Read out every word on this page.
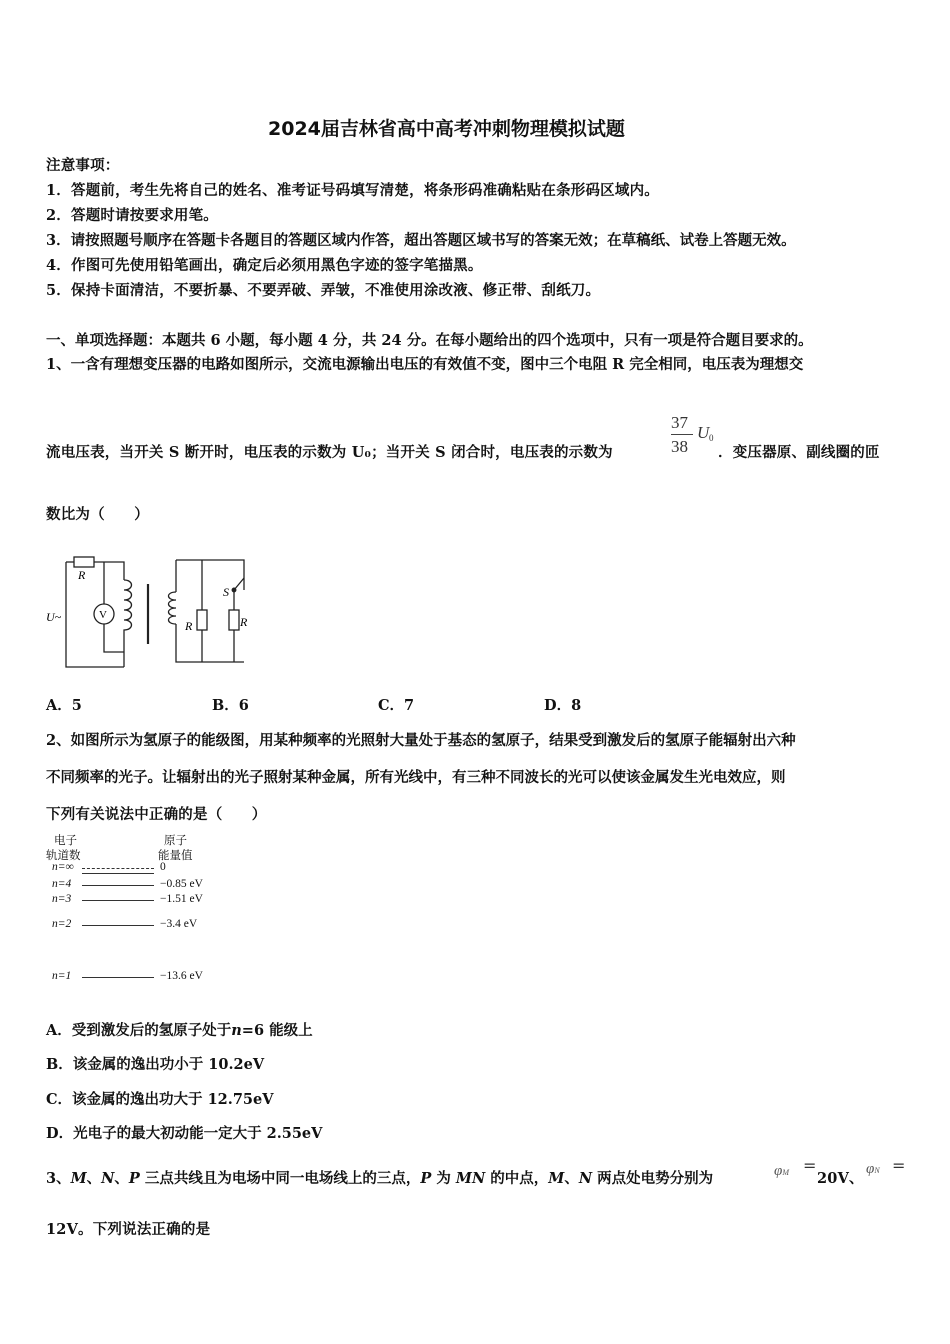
2024届吉林省高中高考冲刺物理模拟试题
注意事项：
1．答题前，考生先将自己的姓名、准考证号码填写清楚，将条形码准确粘贴在条形码区域内。
2．答题时请按要求用笔。
3．请按照题号顺序在答题卡各题目的答题区域内作答，超出答题区域书写的答案无效；在草稿纸、试卷上答题无效。
4．作图可先使用铅笔画出，确定后必须用黑色字迹的签字笔描黑。
5．保持卡面清洁，不要折暴、不要弄破、弄皱，不准使用涂改液、修正带、刮纸刀。
一、单项选择题：本题共 6 小题，每小题 4 分，共 24 分。在每小题给出的四个选项中，只有一项是符合题目要求的。
1、一含有理想变压器的电路如图所示，交流电源输出电压的有效值不变，图中三个电阻 R 完全相同，电压表为理想交
流电压表，当开关 S 断开时，电压表的示数为 U₀；当开关 S 闭合时，电压表的示数为
37
38
U 0
．变压器原、副线圈的匝
数比为（　　）
R
U~	V
R	R
S
A．5	B．6	C．7	D．8
2、如图所示为氢原子的能级图，用某种频率的光照射大量处于基态的氢原子，结果受到激发后的氢原子能辐射出六种
不同频率的光子。让辐射出的光子照射某种金属，所有光线中，有三种不同波长的光可以使该金属发生光电效应，则
下列有关说法中正确的是（　　）
电子
轨道数
原子
能量值
n=∞	0
n=4	−0.85 eV
n=3	−1.51 eV
n=2	−3.4 eV
n=1	−13.6 eV
A．受到激发后的氢原子处于n=6 能级上
B．该金属的逸出功小于 10.2eV
C．该金属的逸出功大于 12.75eV
D．光电子的最大初动能一定大于 2.55eV
3、M、N、P 三点共线且为电场中同一电场线上的三点，P 为 MN 的中点，M、N 两点处电势分别为	φM =
20V、
φN =
12V。下列说法正确的是
